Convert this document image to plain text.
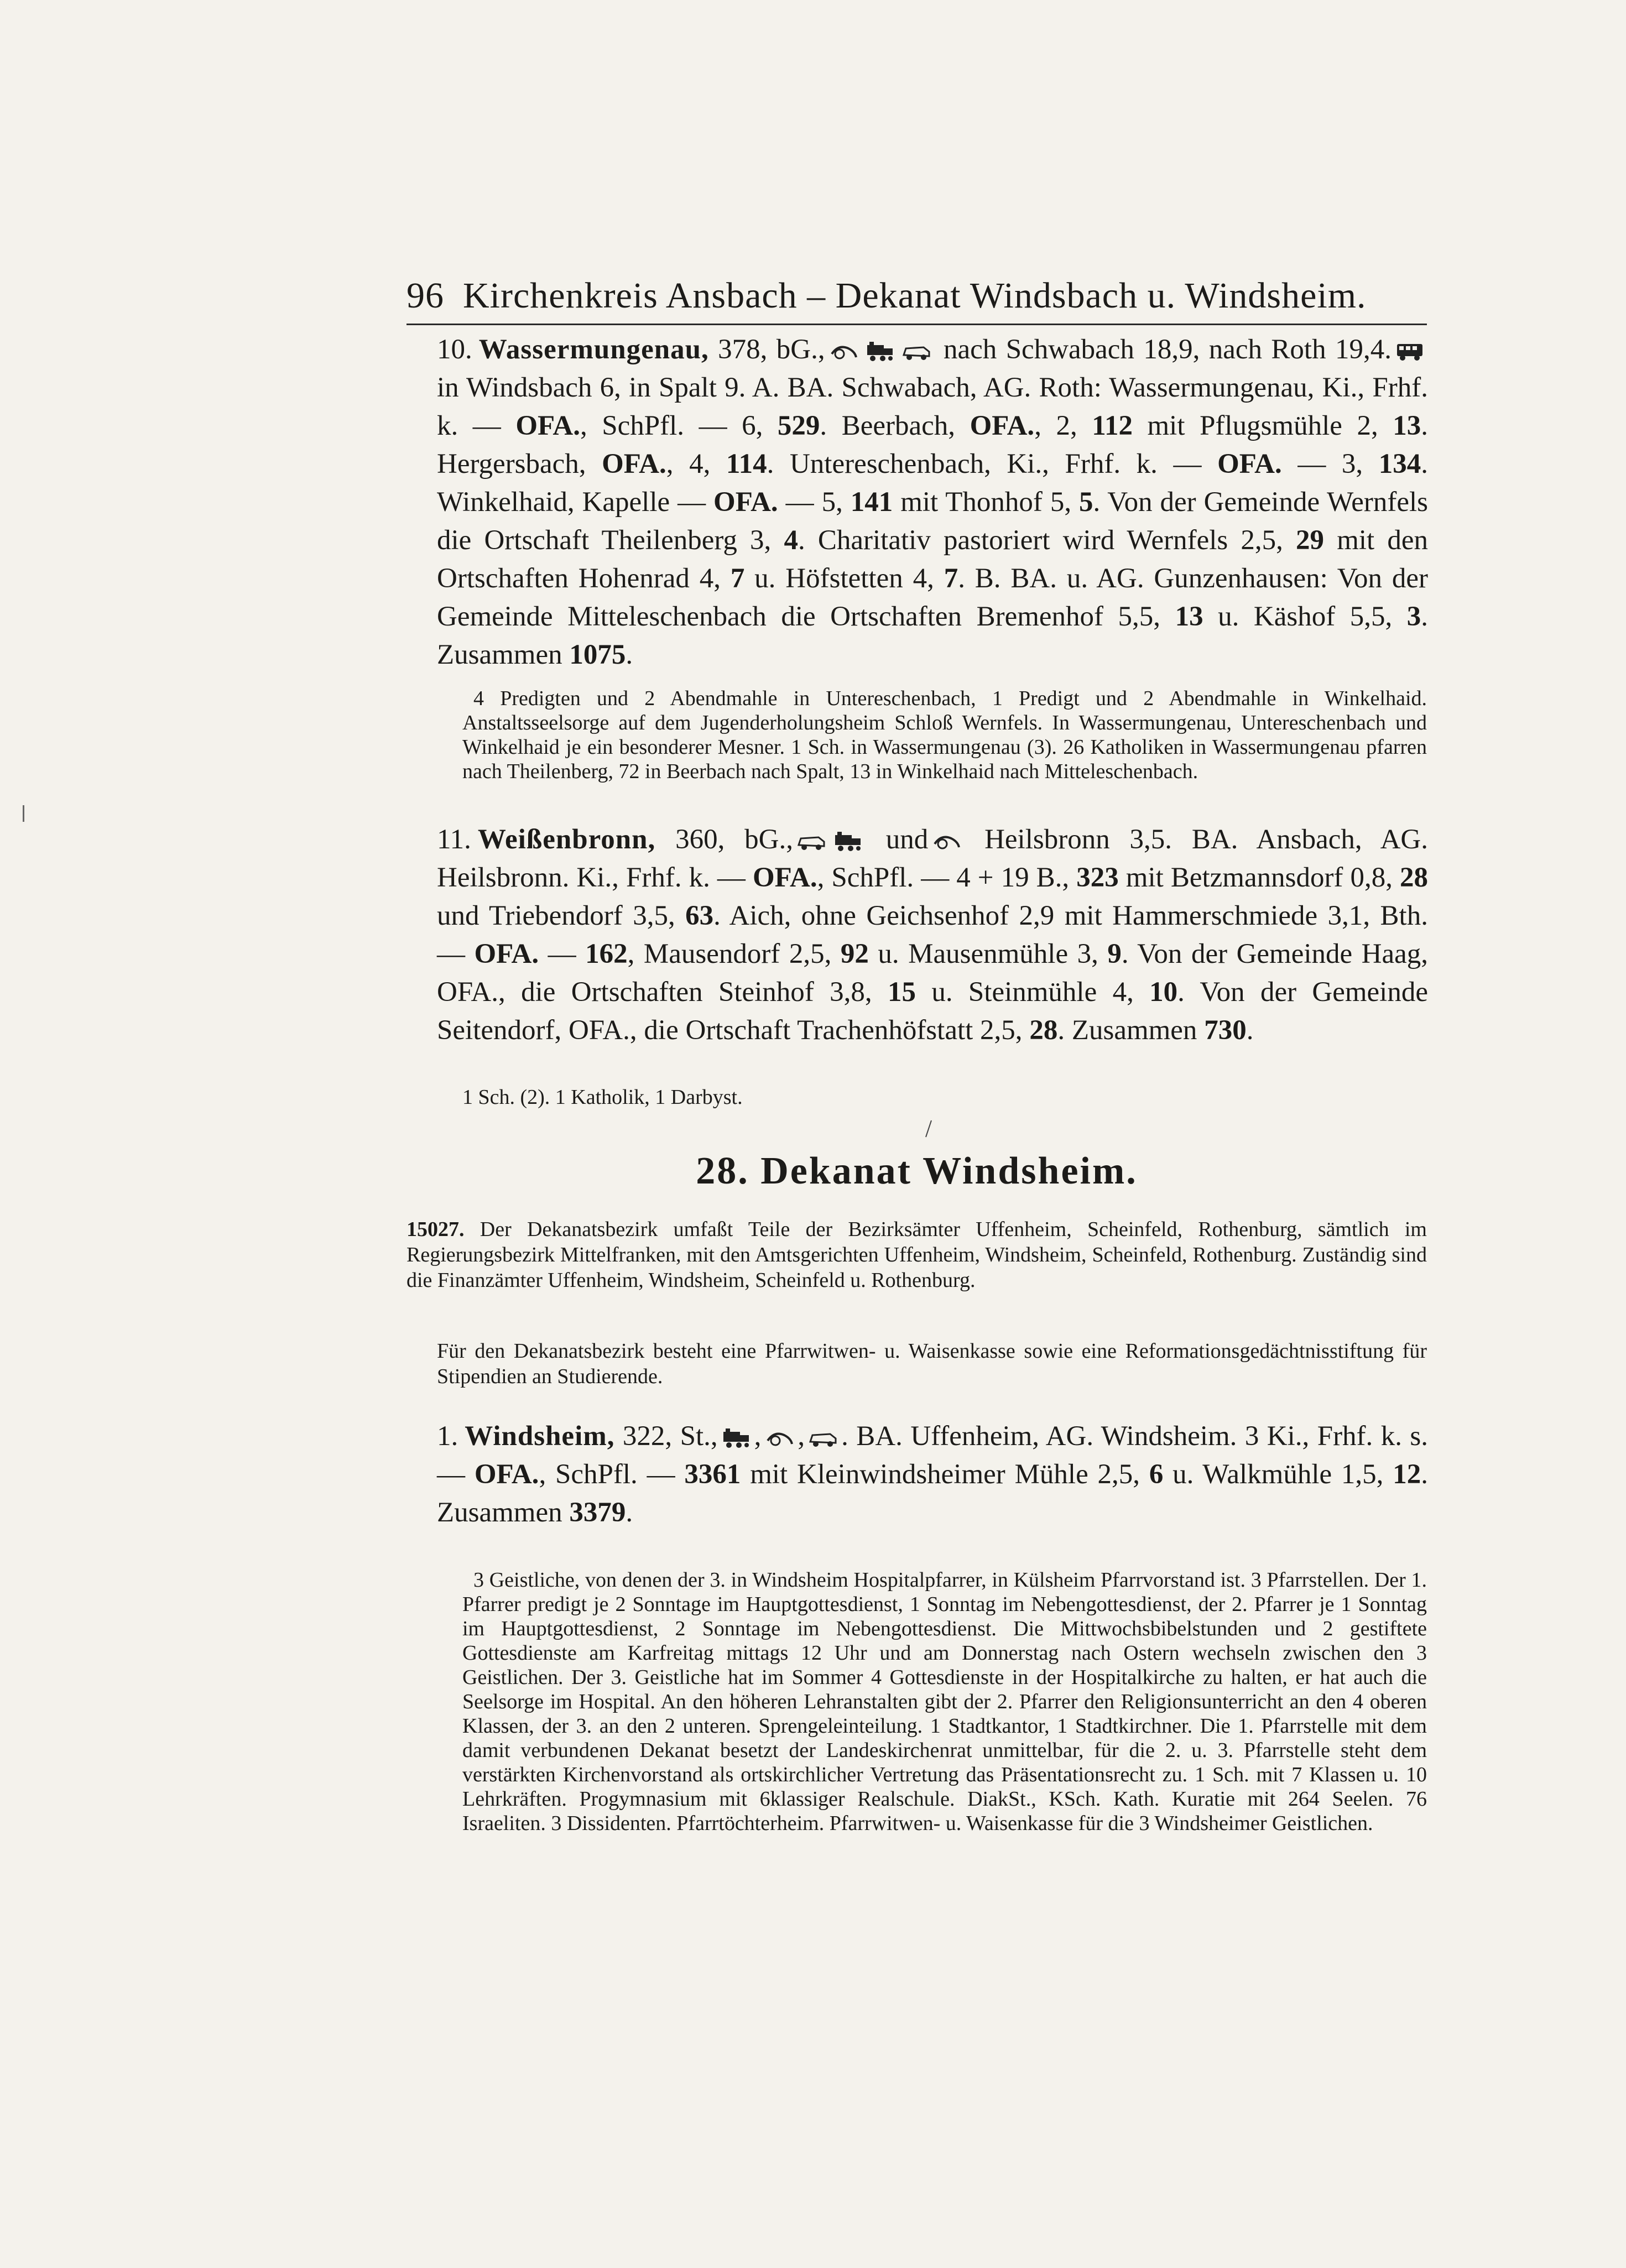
96 Kirchenkreis Ansbach – Dekanat Windsbach u. Windsheim.
10. Wassermungenau, 378, bG.,	nach Schwabach 18,9, nach Roth 19,4.
in Windsbach 6, in Spalt 9. A. BA. Schwabach, AG. Roth: Wassermungenau, Ki., Frhf. k. — OFA., SchPfl. — 6, 529. Beerbach, OFA., 2, 112 mit Pflugsmühle 2, 13. Hergersbach, OFA., 4, 114. Untereschenbach, Ki., Frhf. k. — OFA. — 3, 134. Winkelhaid, Kapelle — OFA. — 5, 141 mit Thonhof 5, 5. Von der Gemeinde Wernfels die Ortschaft Theilenberg 3, 4. Charitativ pastoriert wird Wernfels 2,5, 29 mit den Ortschaften Hohenrad 4, 7 u. Höfstetten 4, 7. B. BA. u. AG. Gunzenhausen: Von der Gemeinde Mitteleschenbach die Ortschaften Bremenhof 5,5, 13 u. Käshof 5,5, 3. Zusammen 1075.
4 Predigten und 2 Abendmahle in Untereschenbach, 1 Predigt und 2 Abendmahle in Winkelhaid. Anstaltsseelsorge auf dem Jugenderholungsheim Schloß Wernfels. In Wassermungenau, Untereschenbach und Winkelhaid je ein besonderer Mesner. 1 Sch. in Wassermungenau (3). 26 Katholiken in Wassermungenau pfarren nach Theilenberg, 72 in Beerbach nach Spalt, 13 in Winkelhaid nach Mitteleschenbach.
11. Weißenbronn, 360, bG.,	und
Heilsbronn 3,5. BA. Ansbach, AG. Heilsbronn. Ki., Frhf. k. — OFA., SchPfl. — 4 + 19 B., 323 mit Betzmannsdorf 0,8, 28 und Triebendorf 3,5, 63. Aich, ohne Geichsenhof 2,9 mit Hammerschmiede 3,1, Bth. — OFA. — 162, Mausendorf 2,5, 92 u. Mausenmühle 3, 9. Von der Gemeinde Haag, OFA., die Ortschaften Steinhof 3,8, 15 u. Steinmühle 4, 10. Von der Gemeinde Seitendorf, OFA., die Ortschaft Trachenhöfstatt 2,5, 28. Zusammen 730.
1 Sch. (2). 1 Katholik, 1 Darbyst.
28. Dekanat Windsheim.
15027. Der Dekanatsbezirk umfaßt Teile der Bezirksämter Uffenheim, Scheinfeld, Rothenburg, sämtlich im Regierungsbezirk Mittelfranken, mit den Amtsgerichten Uffenheim, Windsheim, Scheinfeld, Rothenburg. Zuständig sind die Finanzämter Uffenheim, Windsheim, Scheinfeld u. Rothenburg.
Für den Dekanatsbezirk besteht eine Pfarrwitwen- u. Waisenkasse sowie eine Reformationsgedächtnisstiftung für Stipendien an Studierende.
1. Windsheim, 322, St., , , . BA. Uffenheim, AG. Windsheim. 3 Ki., Frhf. k. s. — OFA., SchPfl. — 3361 mit Kleinwindsheimer Mühle 2,5, 6 u. Walkmühle 1,5, 12. Zusammen 3379.
3 Geistliche, von denen der 3. in Windsheim Hospitalpfarrer, in Külsheim Pfarrvorstand ist. 3 Pfarrstellen. Der 1. Pfarrer predigt je 2 Sonntage im Hauptgottesdienst, 1 Sonntag im Nebengottesdienst, der 2. Pfarrer je 1 Sonntag im Hauptgottesdienst, 2 Sonntage im Nebengottesdienst. Die Mittwochsbibelstunden und 2 gestiftete Gottesdienste am Karfreitag mittags 12 Uhr und am Donnerstag nach Ostern wechseln zwischen den 3 Geistlichen. Der 3. Geistliche hat im Sommer 4 Gottesdienste in der Hospitalkirche zu halten, er hat auch die Seelsorge im Hospital. An den höheren Lehranstalten gibt der 2. Pfarrer den Religionsunterricht an den 4 oberen Klassen, der 3. an den 2 unteren. Sprengeleinteilung. 1 Stadtkantor, 1 Stadtkirchner. Die 1. Pfarrstelle mit dem damit verbundenen Dekanat besetzt der Landeskirchenrat unmittelbar, für die 2. u. 3. Pfarrstelle steht dem verstärkten Kirchenvorstand als ortskirchlicher Vertretung das Präsentationsrecht zu. 1 Sch. mit 7 Klassen u. 10 Lehrkräften. Progymnasium mit 6klassiger Realschule. DiakSt., KSch. Kath. Kuratie mit 264 Seelen. 76 Israeliten. 3 Dissidenten. Pfarrtöchterheim. Pfarrwitwen- u. Waisenkasse für die 3 Windsheimer Geistlichen.
